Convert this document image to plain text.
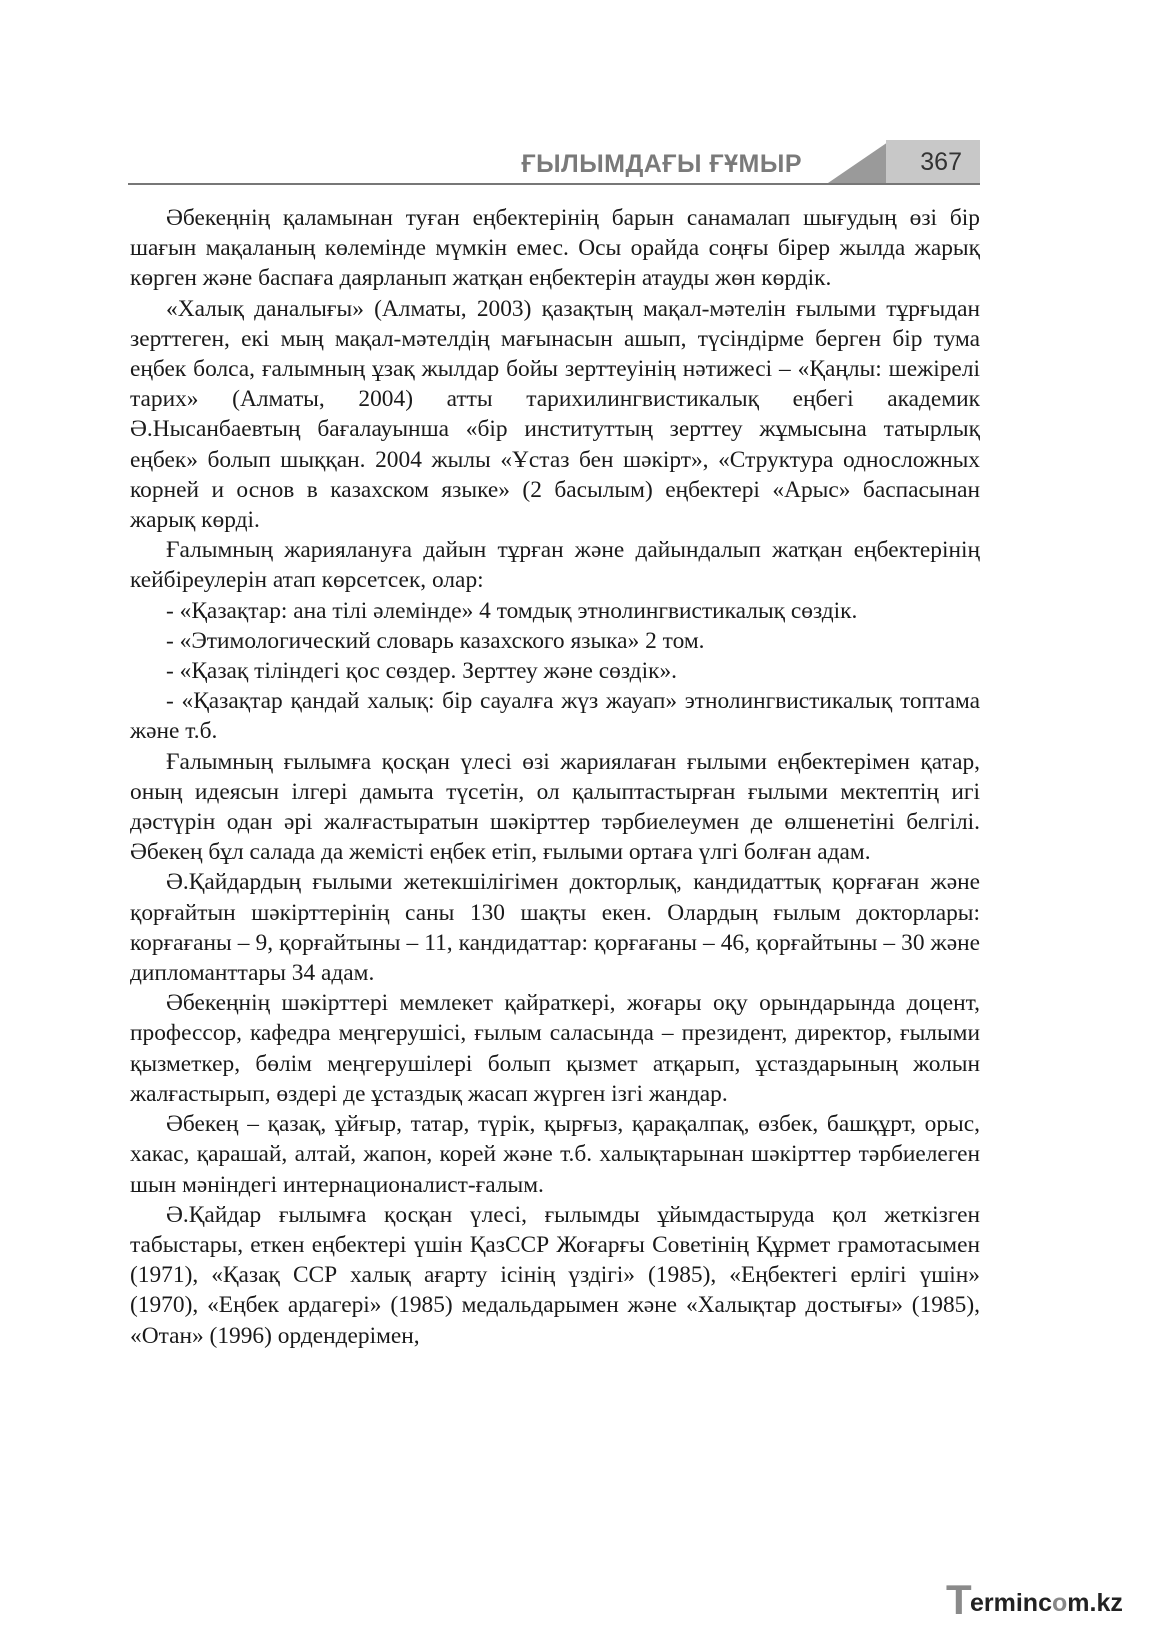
ҒЫЛЫМДАҒЫ ҒҰМЫР	367

Әбекеңнің қаламынан туған еңбектерінің барын санамалап шығудың өзі бір шағын мақаланың көлемінде мүмкін емес. Осы орайда соңғы бірер жылда жарық көрген және баспаға даярланып жатқан еңбектерін атауды жөн көрдік.

«Халық даналығы» (Алматы, 2003) қазақтың мақал-мәтелін ғылыми тұрғыдан зерттеген, екі мың мақал-мәтелдің мағынасын ашып, түсіндірме берген бір тума еңбек болса, ғалымның ұзақ жылдар бойы зерттеуінің нәтижесі – «Қаңлы: шежірелі тарих» (Алматы, 2004) атты тарихилингвистикалық еңбегі академик Ә.Нысанбаевтың бағалауынша «бір институттың зерттеу жұмысына татырлық еңбек» болып шыққан. 2004 жылы «Ұстаз бен шәкірт», «Структура односложных корней и основ в казахском языке» (2 басылым) еңбектері «Арыс» баспасынан жарық көрді.

Ғалымның жариялануға дайын тұрған және дайындалып жатқан еңбектерінің кейбіреулерін атап көрсетсек, олар:

- «Қазақтар: ана тілі әлемінде» 4 томдық этнолингвистикалық сөздік.

- «Этимологический словарь казахского языка» 2 том.

- «Қазақ тіліндегі қос сөздер. Зерттеу және сөздік».

- «Қазақтар қандай халық: бір сауалға жүз жауап» этнолингвистикалық топтама және т.б.

Ғалымның ғылымға қосқан үлесі өзі жариялаған ғылыми еңбектерімен қатар, оның идеясын ілгері дамыта түсетін, ол қалыптастырған ғылыми мектептің игі дәстүрін одан әрі жалғастыратын шәкірттер тәрбиелеумен де өлшенетіні белгілі. Әбекең бұл салада да жемісті еңбек етіп, ғылыми ортаға үлгі болған адам.

Ә.Қайдардың ғылыми жетекшілігімен докторлық, кандидаттық қорғаған және қорғайтын шәкірттерінің саны 130 шақты екен. Олардың ғылым докторлары: корғағаны – 9, қорғайтыны – 11, кандидаттар: қорғағаны – 46, қорғайтыны – 30 және дипломанттары 34 адам.

Әбекеңнің шәкірттері мемлекет қайраткері, жоғары оқу орындарында доцент, профессор, кафедра меңгерушісі, ғылым саласында – президент, директор, ғылыми қызметкер, бөлім меңгерушілері болып қызмет атқарып, ұстаздарының жолын жалғастырып, өздері де ұстаздық жасап жүрген ізгі жандар.

Әбекең – қазақ, ұйғыр, татар, түрік, қырғыз, қарақалпақ, өзбек, башқұрт, орыс, хакас, қарашай, алтай, жапон, корей және т.б. халықтарынан шәкірттер тәрбиелеген шын мәніндегі интернационалист-ғалым.

Ә.Қайдар ғылымға қосқан үлесі, ғылымды ұйымдастыруда қол жеткізген табыстары, еткен еңбектері үшін ҚазССР Жоғарғы Советінің Құрмет грамотасымен (1971), «Қазақ ССР халық ағарту ісінің үздігі» (1985), «Еңбектегі ерлігі үшін» (1970), «Еңбек ардагері» (1985) медальдарымен және «Халықтар достығы» (1985), «Отан» (1996) ордендерімен,

T
ermincom.kz
